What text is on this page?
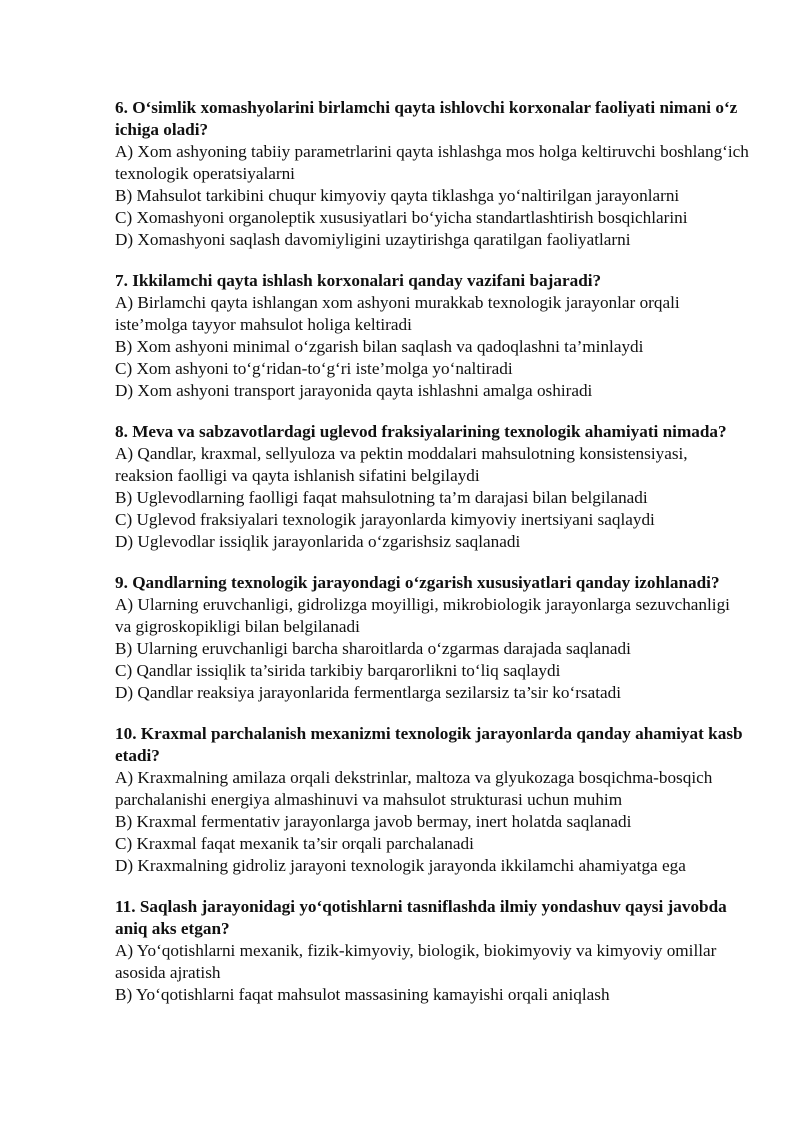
6. O‘simlik xomashyolarini birlamchi qayta ishlovchi korxonalar faoliyati nimani o‘z ichiga oladi?

A) Xom ashyoning tabiiy parametrlarini qayta ishlashga mos holga keltiruvchi boshlang‘ich texnologik operatsiyalarni

B) Mahsulot tarkibini chuqur kimyoviy qayta tiklashga yo‘naltirilgan jarayonlarni

C) Xomashyoni organoleptik xususiyatlari bo‘yicha standartlashtirish bosqichlarini

D) Xomashyoni saqlash davomiyligini uzaytirishga qaratilgan faoliyatlarni

7. Ikkilamchi qayta ishlash korxonalari qanday vazifani bajaradi?

A) Birlamchi qayta ishlangan xom ashyoni murakkab texnologik jarayonlar orqali iste’molga tayyor mahsulot holiga keltiradi

B) Xom ashyoni minimal o‘zgarish bilan saqlash va qadoqlashni ta’minlaydi

C) Xom ashyoni to‘g‘ridan-to‘g‘ri iste’molga yo‘naltiradi

D) Xom ashyoni transport jarayonida qayta ishlashni amalga oshiradi

8. Meva va sabzavotlardagi uglevod fraksiyalarining texnologik ahamiyati nimada?

A) Qandlar, kraxmal, sellyuloza va pektin moddalari mahsulotning konsistensiyasi, reaksion faolligi va qayta ishlanish sifatini belgilaydi

B) Uglevodlarning faolligi faqat mahsulotning ta’m darajasi bilan belgilanadi

C) Uglevod fraksiyalari texnologik jarayonlarda kimyoviy inertsiyani saqlaydi

D) Uglevodlar issiqlik jarayonlarida o‘zgarishsiz saqlanadi

9. Qandlarning texnologik jarayondagi o‘zgarish xususiyatlari qanday izohlanadi?

A) Ularning eruvchanligi, gidrolizga moyilligi, mikrobiologik jarayonlarga sezuvchanligi va gigroskopikligi bilan belgilanadi

B) Ularning eruvchanligi barcha sharoitlarda o‘zgarmas darajada saqlanadi

C) Qandlar issiqlik ta’sirida tarkibiy barqarorlikni to‘liq saqlaydi

D) Qandlar reaksiya jarayonlarida fermentlarga sezilarsiz ta’sir ko‘rsatadi

10. Kraxmal parchalanish mexanizmi texnologik jarayonlarda qanday ahamiyat kasb etadi?

A) Kraxmalning amilaza orqali dekstrinlar, maltoza va glyukozaga bosqichma-bosqich parchalanishi energiya almashinuvi va mahsulot strukturasi uchun muhim

B) Kraxmal fermentativ jarayonlarga javob bermay, inert holatda saqlanadi

C) Kraxmal faqat mexanik ta’sir orqali parchalanadi

D) Kraxmalning gidroliz jarayoni texnologik jarayonda ikkilamchi ahamiyatga ega

11. Saqlash jarayonidagi yo‘qotishlarni tasniflashda ilmiy yondashuv qaysi javobda aniq aks etgan?

A) Yo‘qotishlarni mexanik, fizik-kimyoviy, biologik, biokimyoviy va kimyoviy omillar asosida ajratish

B) Yo‘qotishlarni faqat mahsulot massasining kamayishi orqali aniqlash
